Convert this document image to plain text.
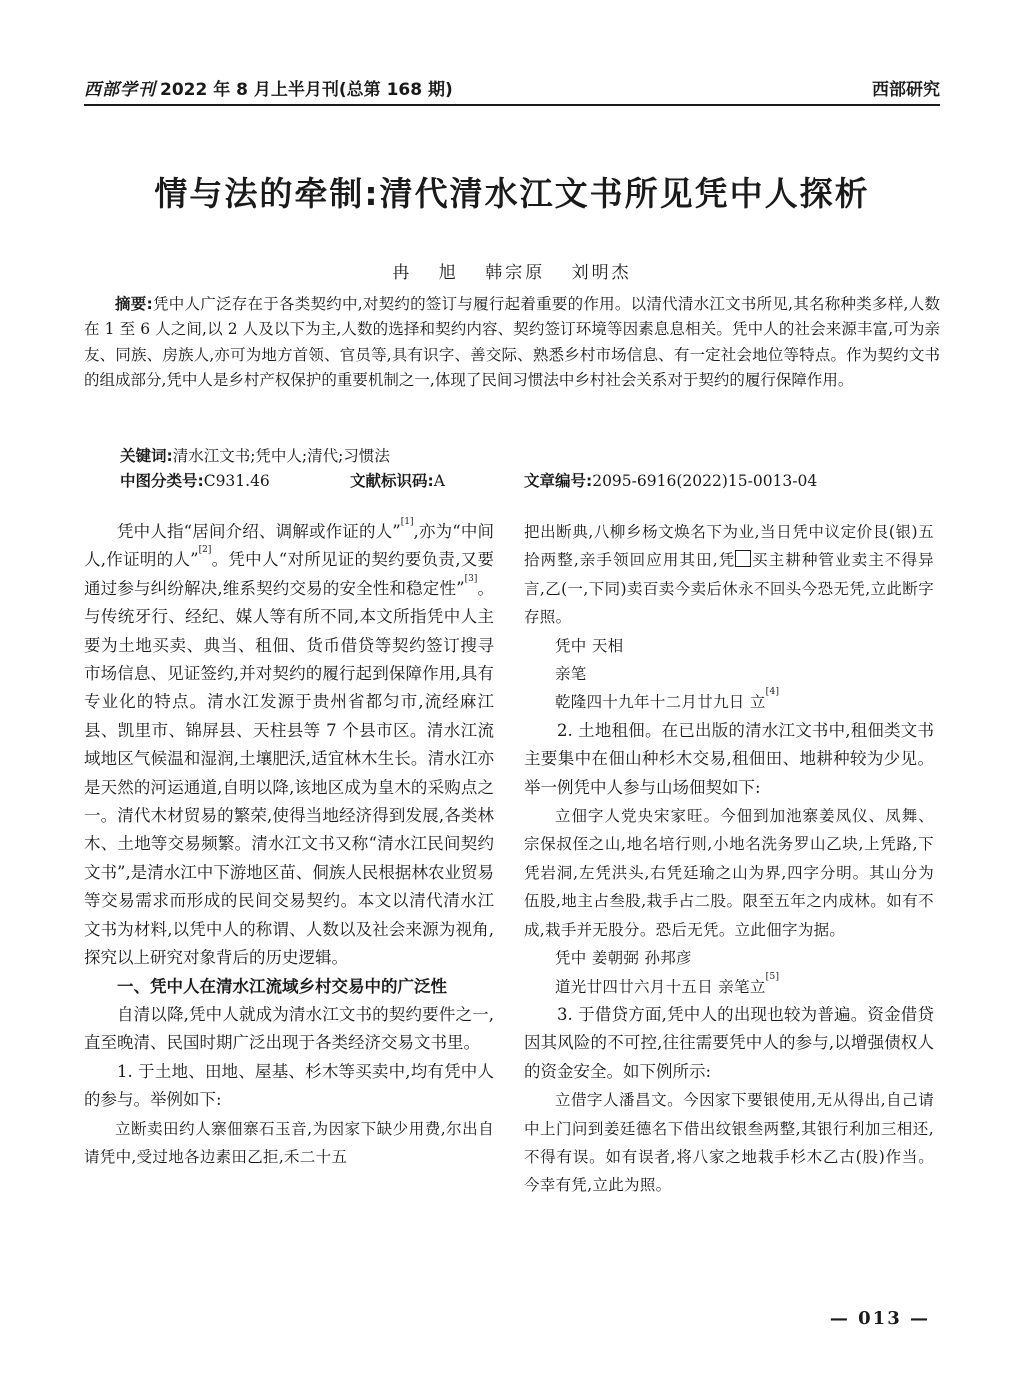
西部学刊 2022 年 8 月上半月刊(总第 168 期)	西部研究
情与法的牵制:清代清水江文书所见凭中人探析
冉 旭 韩宗原 刘明杰

摘要:凭中人广泛存在于各类契约中,对契约的签订与履行起着重要的作用。以清代清水江文书所见,其名称种类多样,人数在 1 至 6 人之间,以 2 人及以下为主,人数的选择和契约内容、契约签订环境等因素息息相关。凭中人的社会来源丰富,可为亲友、同族、房族人,亦可为地方首领、官员等,具有识字、善交际、熟悉乡村市场信息、有一定社会地位等特点。作为契约文书的组成部分,凭中人是乡村产权保护的重要机制之一,体现了民间习惯法中乡村社会关系对于契约的履行保障作用。

关键词:清水江文书;凭中人;清代;习惯法
中图分类号:C931.46	文献标识码:A	文章编号:2095-6916(2022)15-0013-04

凭中人指“居间介绍、调解或作证的人”[1],亦为“中间人,作证明的人”[2]。凭中人“对所见证的契约要负责,又要通过参与纠纷解决,维系契约交易的安全性和稳定性”[3]。与传统牙行、经纪、媒人等有所不同,本文所指凭中人主要为土地买卖、典当、租佃、货币借贷等契约签订搜寻市场信息、见证签约,并对契约的履行起到保障作用,具有专业化的特点。清水江发源于贵州省都匀市,流经麻江县、凯里市、锦屏县、天柱县等 7 个县市区。清水江流域地区气候温和湿润,土壤肥沃,适宜林木生长。清水江亦是天然的河运通道,自明以降,该地区成为皇木的采购点之一。清代木材贸易的繁荣,使得当地经济得到发展,各类林木、土地等交易频繁。清水江文书又称“清水江民间契约文书”,是清水江中下游地区苗、侗族人民根据林农业贸易等交易需求而形成的民间交易契约。本文以清代清水江文书为材料,以凭中人的称谓、人数以及社会来源为视角,探究以上研究对象背后的历史逻辑。

一、凭中人在清水江流域乡村交易中的广泛性

自清以降,凭中人就成为清水江文书的契约要件之一,直至晚清、民国时期广泛出现于各类经济交易文书里。

1. 于土地、田地、屋基、杉木等买卖中,均有凭中人的参与。举例如下:

立断卖田约人寨佃寨石玉音,为因家下缺少用费,尔出自请凭中,受过地各边素田乙拒,禾二十五

把出断典,八柳乡杨文焕名下为业,当日凭中议定价艮(银)五拾两整,亲手领回应用其田,凭 买主耕种管业卖主不得异言,乙(一,下同)卖百卖今卖后休永不回头今恐无凭,立此断字存照。

凭中 天相

亲笔

乾隆四十九年十二月廿九日 立[4]

2. 土地租佃。在已出版的清水江文书中,租佃类文书主要集中在佃山种杉木交易,租佃田、地耕种较为少见。举一例凭中人参与山场佃契如下:

立佃字人党央宋家旺。今佃到加池寨姜凤仪、凤舞、宗保叔侄之山,地名培行则,小地名洗务罗山乙块,上凭路,下凭岩洞,左凭洪头,右凭廷瑜之山为界,四字分明。其山分为伍股,地主占叁股,栽手占二股。限至五年之内成林。如有不成,栽手并无股分。恐后无凭。立此佃字为据。

凭中 姜朝弼 孙邦彦

道光廿四廿六月十五日 亲笔立[5]

3. 于借贷方面,凭中人的出现也较为普遍。资金借贷因其风险的不可控,往往需要凭中人的参与,以增强债权人的资金安全。如下例所示:

立借字人潘昌文。今因家下要银使用,无从得出,自己请中上门问到姜廷德名下借出纹银叁两整,其银行利加三相还,不得有误。如有误者,将八家之地栽手杉木乙古(股)作当。今幸有凭,立此为照。

— 013 —
